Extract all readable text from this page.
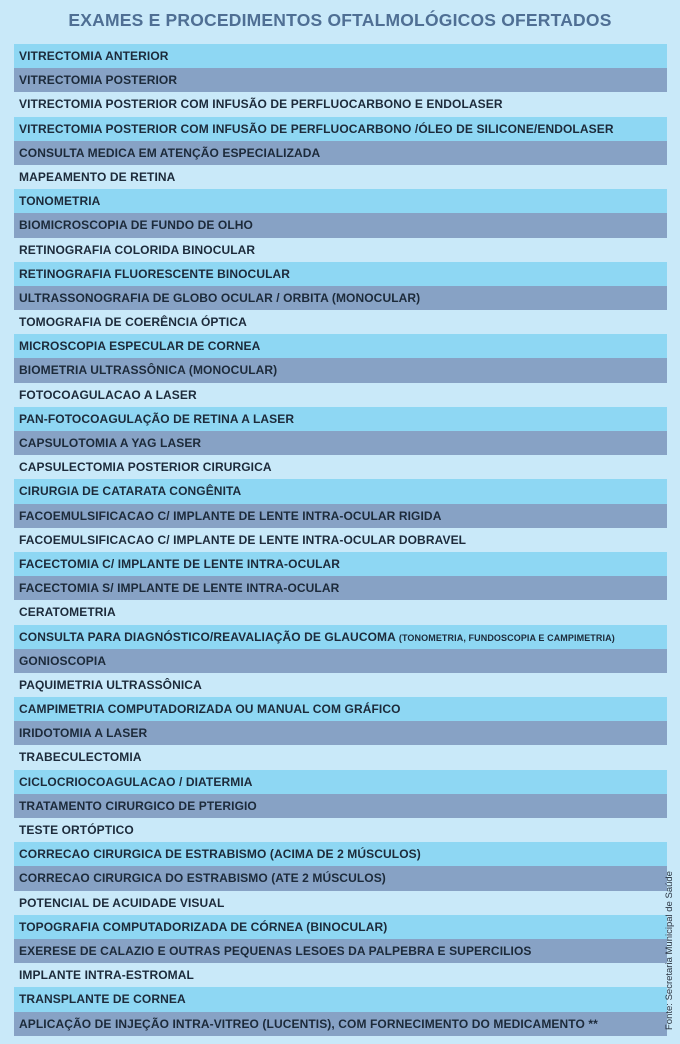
EXAMES E PROCEDIMENTOS OFTALMOLÓGICOS OFERTADOS
VITRECTOMIA ANTERIOR
VITRECTOMIA POSTERIOR
VITRECTOMIA POSTERIOR COM INFUSÃO DE PERFLUOCARBONO E ENDOLASER
VITRECTOMIA POSTERIOR COM INFUSÃO DE PERFLUOCARBONO /ÓLEO DE SILICONE/ENDOLASER
CONSULTA MEDICA EM ATENÇÃO ESPECIALIZADA
MAPEAMENTO DE RETINA
TONOMETRIA
BIOMICROSCOPIA DE FUNDO DE OLHO
RETINOGRAFIA COLORIDA BINOCULAR
RETINOGRAFIA FLUORESCENTE BINOCULAR
ULTRASSONOGRAFIA DE GLOBO OCULAR / ORBITA (MONOCULAR)
TOMOGRAFIA DE COERÊNCIA ÓPTICA
MICROSCOPIA ESPECULAR DE CORNEA
BIOMETRIA ULTRASSÔNICA (MONOCULAR)
FOTOCOAGULACAO A LASER
PAN-FOTOCOAGULAÇÃO DE RETINA A LASER
CAPSULOTOMIA A YAG LASER
CAPSULECTOMIA POSTERIOR CIRURGICA
CIRURGIA DE CATARATA CONGÊNITA
FACOEMULSIFICACAO C/ IMPLANTE DE LENTE INTRA-OCULAR RIGIDA
FACOEMULSIFICACAO C/ IMPLANTE DE LENTE INTRA-OCULAR DOBRAVEL
FACECTOMIA C/ IMPLANTE DE LENTE INTRA-OCULAR
FACECTOMIA S/ IMPLANTE DE LENTE INTRA-OCULAR
CERATOMETRIA
CONSULTA PARA DIAGNÓSTICO/REAVALIAÇÃO DE GLAUCOMA (TONOMETRIA, FUNDOSCOPIA E CAMPIMETRIA)
GONIOSCOPIA
PAQUIMETRIA ULTRASSÔNICA
CAMPIMETRIA COMPUTADORIZADA OU MANUAL COM GRÁFICO
IRIDOTOMIA A LASER
TRABECULECTOMIA
CICLOCRIOCOAGULACAO / DIATERMIA
TRATAMENTO CIRURGICO DE PTERIGIO
TESTE ORTÓPTICO
CORRECAO CIRURGICA DE ESTRABISMO (ACIMA DE 2 MÚSCULOS)
CORRECAO CIRURGICA DO ESTRABISMO (ATE 2 MÚSCULOS)
POTENCIAL DE ACUIDADE VISUAL
TOPOGRAFIA COMPUTADORIZADA DE CÓRNEA (BINOCULAR)
EXERESE DE CALAZIO E OUTRAS PEQUENAS LESOES DA PALPEBRA E SUPERCILIOS
IMPLANTE INTRA-ESTROMAL
TRANSPLANTE DE CORNEA
APLICAÇÃO DE INJEÇÃO INTRA-VITREO (LUCENTIS), COM FORNECIMENTO DO MEDICAMENTO **	Fonte: Secretaria Municipal de Saúde
